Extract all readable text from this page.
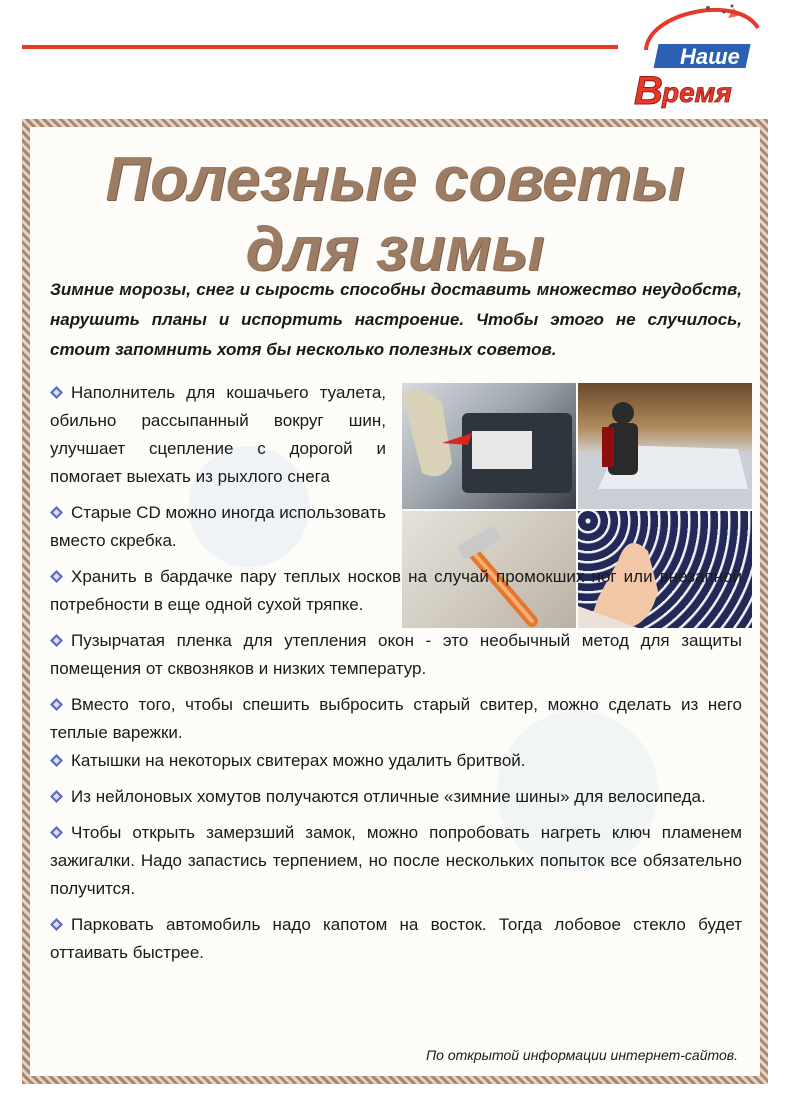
Наше
В ремя
Полезные советы
для зимы

Зимние морозы, снег и сырость способны доставить множество неудобств, нарушить планы и испортить настроение. Чтобы этого не случилось, стоит запомнить хотя бы несколько полезных советов.

Наполнитель для кошачьего туалета, обильно рассыпанный вокруг шин, улучшает сцепление с дорогой и помогает выехать из рыхлого снега

Старые CD можно иногда использовать вместо скребка.

Хранить в бардачке пару теплых носков на случай промокших ног или внезапной потребности в еще одной сухой тряпке.

Пузырчатая пленка для утепления окон - это необычный метод для защиты помещения от сквозняков и низких температур.

Вместо того, чтобы спешить выбросить старый свитер, можно сделать из него теплые варежки.

Катышки на некоторых свитерах можно удалить бритвой.

Из нейлоновых хомутов получаются отличные «зимние шины» для велосипеда.

Чтобы открыть замерзший замок, можно попробовать нагреть ключ пламенем зажигалки. Надо запастись терпением, но после нескольких попыток все обязательно получится.

Парковать автомобиль надо капотом на восток. Тогда лобовое стекло будет оттаивать быстрее.

По открытой информации интернет-сайтов.
